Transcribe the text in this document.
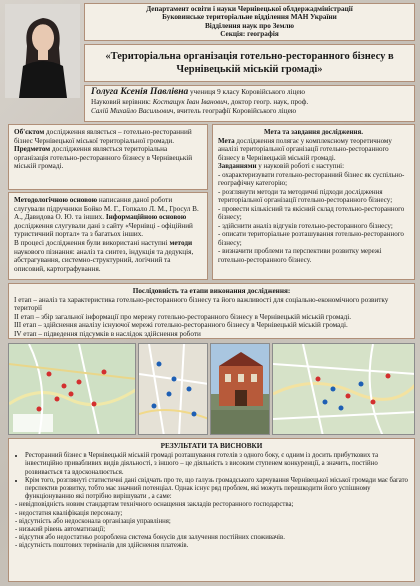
Департамент освіти і науки Чернівецької облдержадміністрації
Буковинське територіальне відділення МАН України
Відділення наук про Землю
Секція: географія
«Територіальна організація готельно-ресторанного бізнесу в Чернівецькій міській громаді»
Голуга Ксенія Павлівна учениця 9 класу Коровійського ліцею
Науковий керівник: Костащук Іван Іванович, доктор геогр. наук, проф.
Салій Михайло Васильович, вчитель географії Коровійського ліцею

Об'єктом дослідження являється – готельно-ресторанний бізнес Чернівецької міської територіальної громади.

Предметом дослідження являється територіальна організація готельно-ресторанного бізнесу в Чернівецькій міській громаді.

Методологічною основою написання даної роботи слугували підручники Бойко М. Г., Гопкало Л. М., Гросул В. А., Давидова О. Ю. та інших. Інформаційною основою дослідження слугували дані з сайту «Чернівці - офіційний туристичний портал» та з багатьох інших.

В процесі дослідження були використані наступні методи наукового пізнання: аналіз та синтез, індукція та дедукція, абстрагування, системно-структурний, логічний та описовий, картографування.

Мета та завдання дослідження.

Мета дослідження полягає у комплексному теоретичному аналізі територіальної організації готельно-ресторанного бізнесу в Чернівецькій міській громаді.

Завданнями у науковій роботі є наступні:

- охарактеризувати готельно-ресторанний бізнес як суспільно-географічну категорію;
- розглянути методи та методичні підходи дослідження територіальної організації готельно-ресторанного бізнесу;
- провести кількісний та якісний склад готельно-ресторанного бізнесу;
- здійснити аналіз відгуків готельно-ресторанного бізнесу;
- описати територіальне розташування готельно-ресторанного бізнесу;
- визначити проблеми та перспективи розвитку мережі готельно-ресторанного бізнесу.
Послідовність та етапи виконання дослідження:
I етап – аналіз та характеристика готельно-ресторанного бізнесу та його важливості для соціально-економічного розвитку території
II етап – збір загальної інформації про мережу готельно-ресторанного бізнесу в Чернівецькій міській громаді.
III етап – здійснення аналізу існуючої мережі готельно-ресторанного бізнесу в Чернівецькій міській громаді.
IV етап – підведення підсумків в наслідок здійснення роботи
РЕЗУЛЬТАТИ ТА ВИСНОВКИ
• Ресторанний бізнес в Чернівецькій міській громаді розташування готелів з одного боку, є одним із досить прибуткових та інвестиційно привабливих видів діяльності, з іншого – це діяльність з високим ступенем конкуренції, а значить, постійно розвивається та вдосконалюється.
• Крім того, розглянуті статистичні дані свідчать про те, що галузь громадського харчування Чернівецької міської громади має багато перспектив розвитку, тобто має значний потенціал. Однак існує ряд проблем, які можуть перешкодити його успішному функціонуванню які потрібно вирішувати , а саме:
- невідповідність новим стандартам технічного оснащення закладів ресторанного господарства;
- недостатня кваліфікація персоналу;
- відсутність або недосконала організація управління;
- низький рівень автоматизації;
- відсутня або недостатньо розроблена система бонусів для залучення постійних споживачів.
- відсутність поштових терміналів для здійснення платежів.
